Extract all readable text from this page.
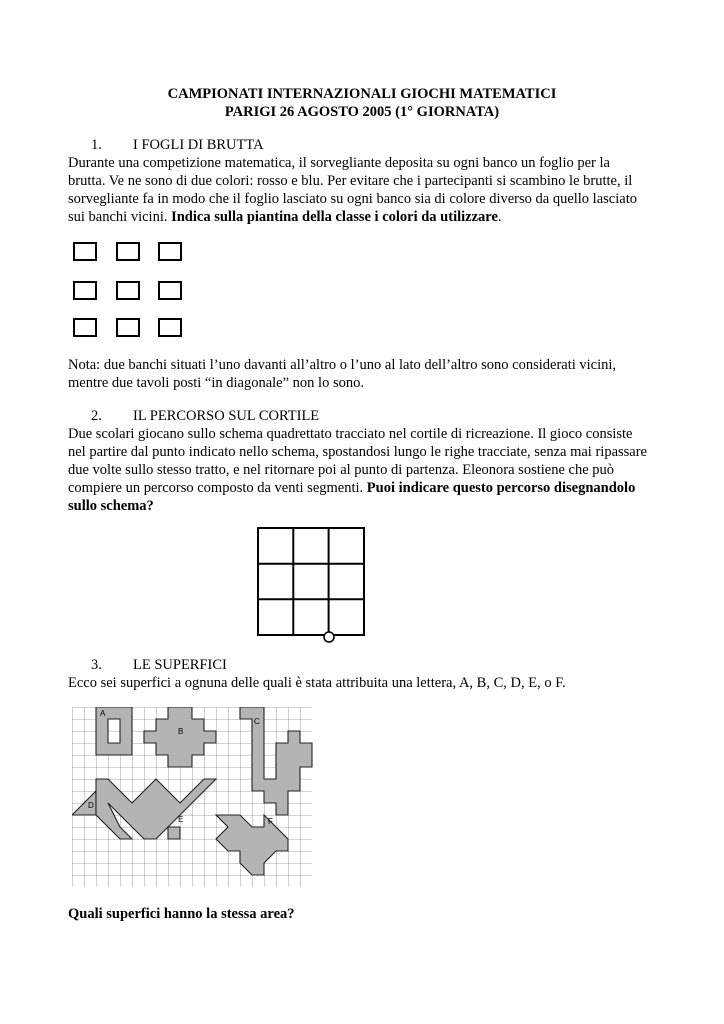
CAMPIONATI INTERNAZIONALI GIOCHI MATEMATICI
PARIGI 26 AGOSTO 2005 (1° GIORNATA)
1. I FOGLI DI BRUTTA
Durante una competizione matematica, il sorvegliante deposita su ogni banco un foglio per la
brutta. Ve ne sono di due colori: rosso e blu. Per evitare che i partecipanti si scambino le brutte, il
sorvegliante fa in modo che il foglio lasciato su ogni banco sia di colore diverso da quello lasciato
sui banchi vicini. Indica sulla piantina della classe i colori da utilizzare.
Nota: due banchi situati l’uno davanti all’altro o l’uno al lato dell’altro sono considerati vicini,
mentre due tavoli posti “in diagonale” non lo sono.
2. IL PERCORSO SUL CORTILE
Due scolari giocano sullo schema quadrettato tracciato nel cortile di ricreazione. Il gioco consiste
nel partire dal punto indicato nello schema, spostandosi lungo le righe tracciate, senza mai ripassare
due volte sullo stesso tratto, e nel ritornare poi al punto di partenza. Eleonora sostiene che può
compiere un percorso composto da venti segmenti. Puoi indicare questo percorso disegnandolo
sullo schema?
3. LE SUPERFICI
Ecco sei superfici a ognuna delle quali è stata attribuita una lettera, A, B, C, D, E, o F.
A
B
C
D
E	F
Quali superfici hanno la stessa area?
